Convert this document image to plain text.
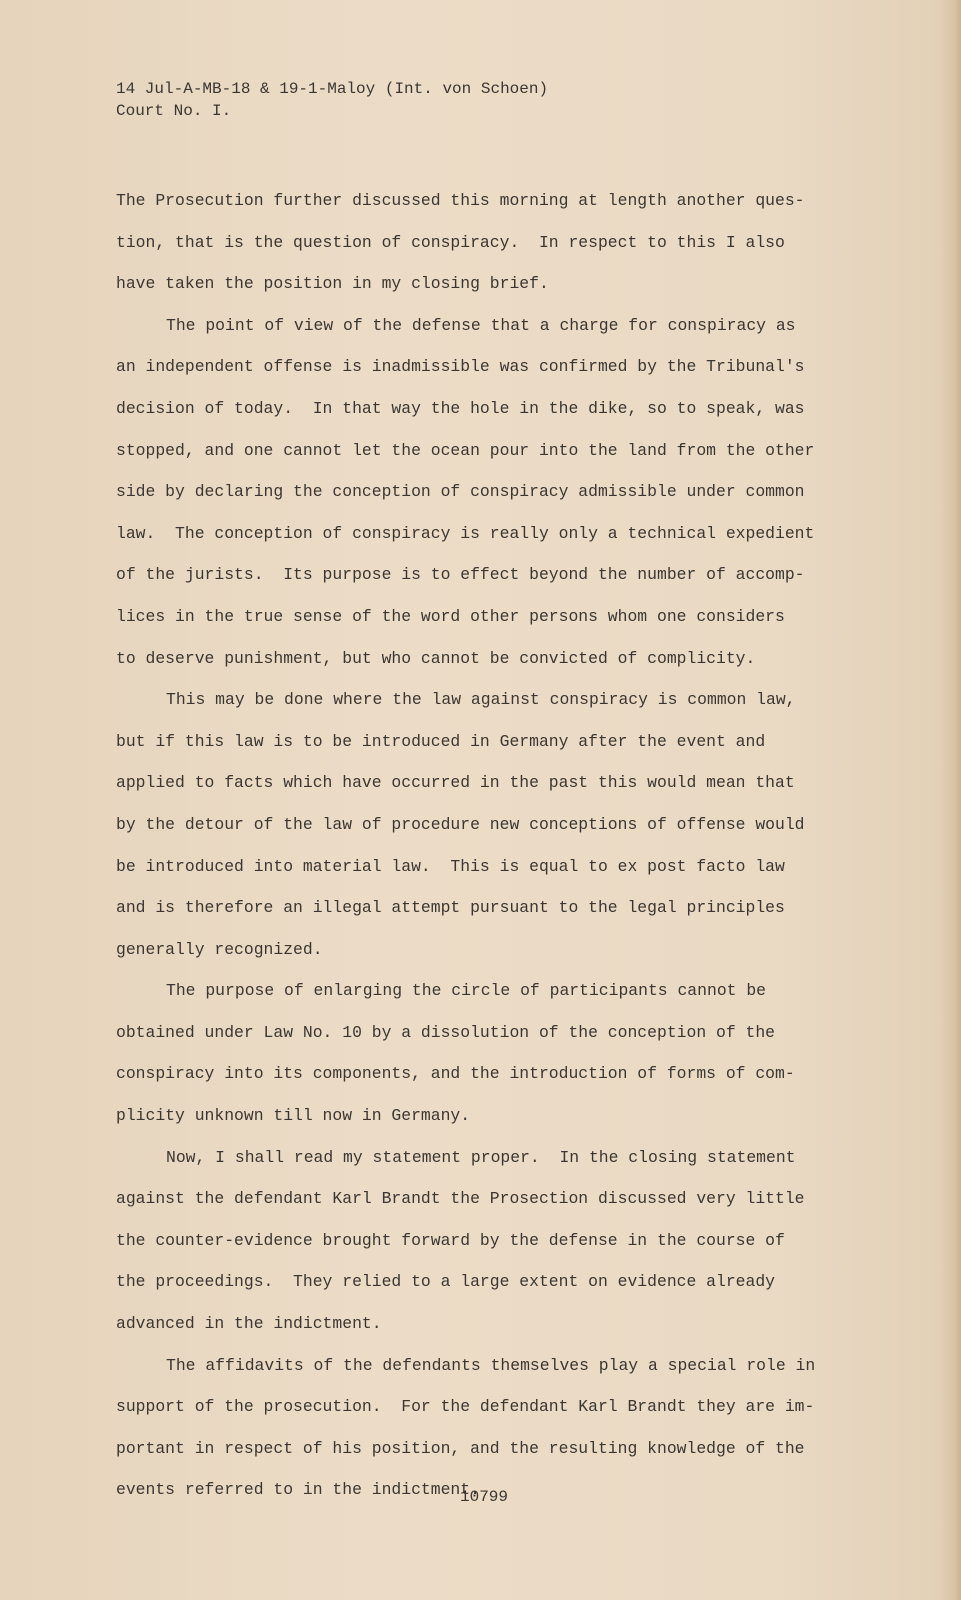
14 Jul-A-MB-18 & 19-1-Maloy (Int. von Schoen)
Court No. I.
The Prosecution further discussed this morning at length another ques-
tion, that is the question of conspiracy.  In respect to this I also
have taken the position in my closing brief.
The point of view of the defense that a charge for conspiracy as
an independent offense is inadmissible was confirmed by the Tribunal's
decision of today.  In that way the hole in the dike, so to speak, was
stopped, and one cannot let the ocean pour into the land from the other
side by declaring the conception of conspiracy admissible under common
law.  The conception of conspiracy is really only a technical expedient
of the jurists.  Its purpose is to effect beyond the number of accomp-
lices in the true sense of the word other persons whom one considers
to deserve punishment, but who cannot be convicted of complicity.
This may be done where the law against conspiracy is common law,
but if this law is to be introduced in Germany after the event and
applied to facts which have occurred in the past this would mean that
by the detour of the law of procedure new conceptions of offense would
be introduced into material law.  This is equal to ex post facto law
and is therefore an illegal attempt pursuant to the legal principles
generally recognized.
The purpose of enlarging the circle of participants cannot be
obtained under Law No. 10 by a dissolution of the conception of the
conspiracy into its components, and the introduction of forms of com-
plicity unknown till now in Germany.
Now, I shall read my statement proper.  In the closing statement
against the defendant Karl Brandt the Prosection discussed very little
the counter-evidence brought forward by the defense in the course of
the proceedings.  They relied to a large extent on evidence already
advanced in the indictment.
The affidavits of the defendants themselves play a special role in
support of the prosecution.  For the defendant Karl Brandt they are im-
portant in respect of his position, and the resulting knowledge of the
events referred to in the indictment.
10799
